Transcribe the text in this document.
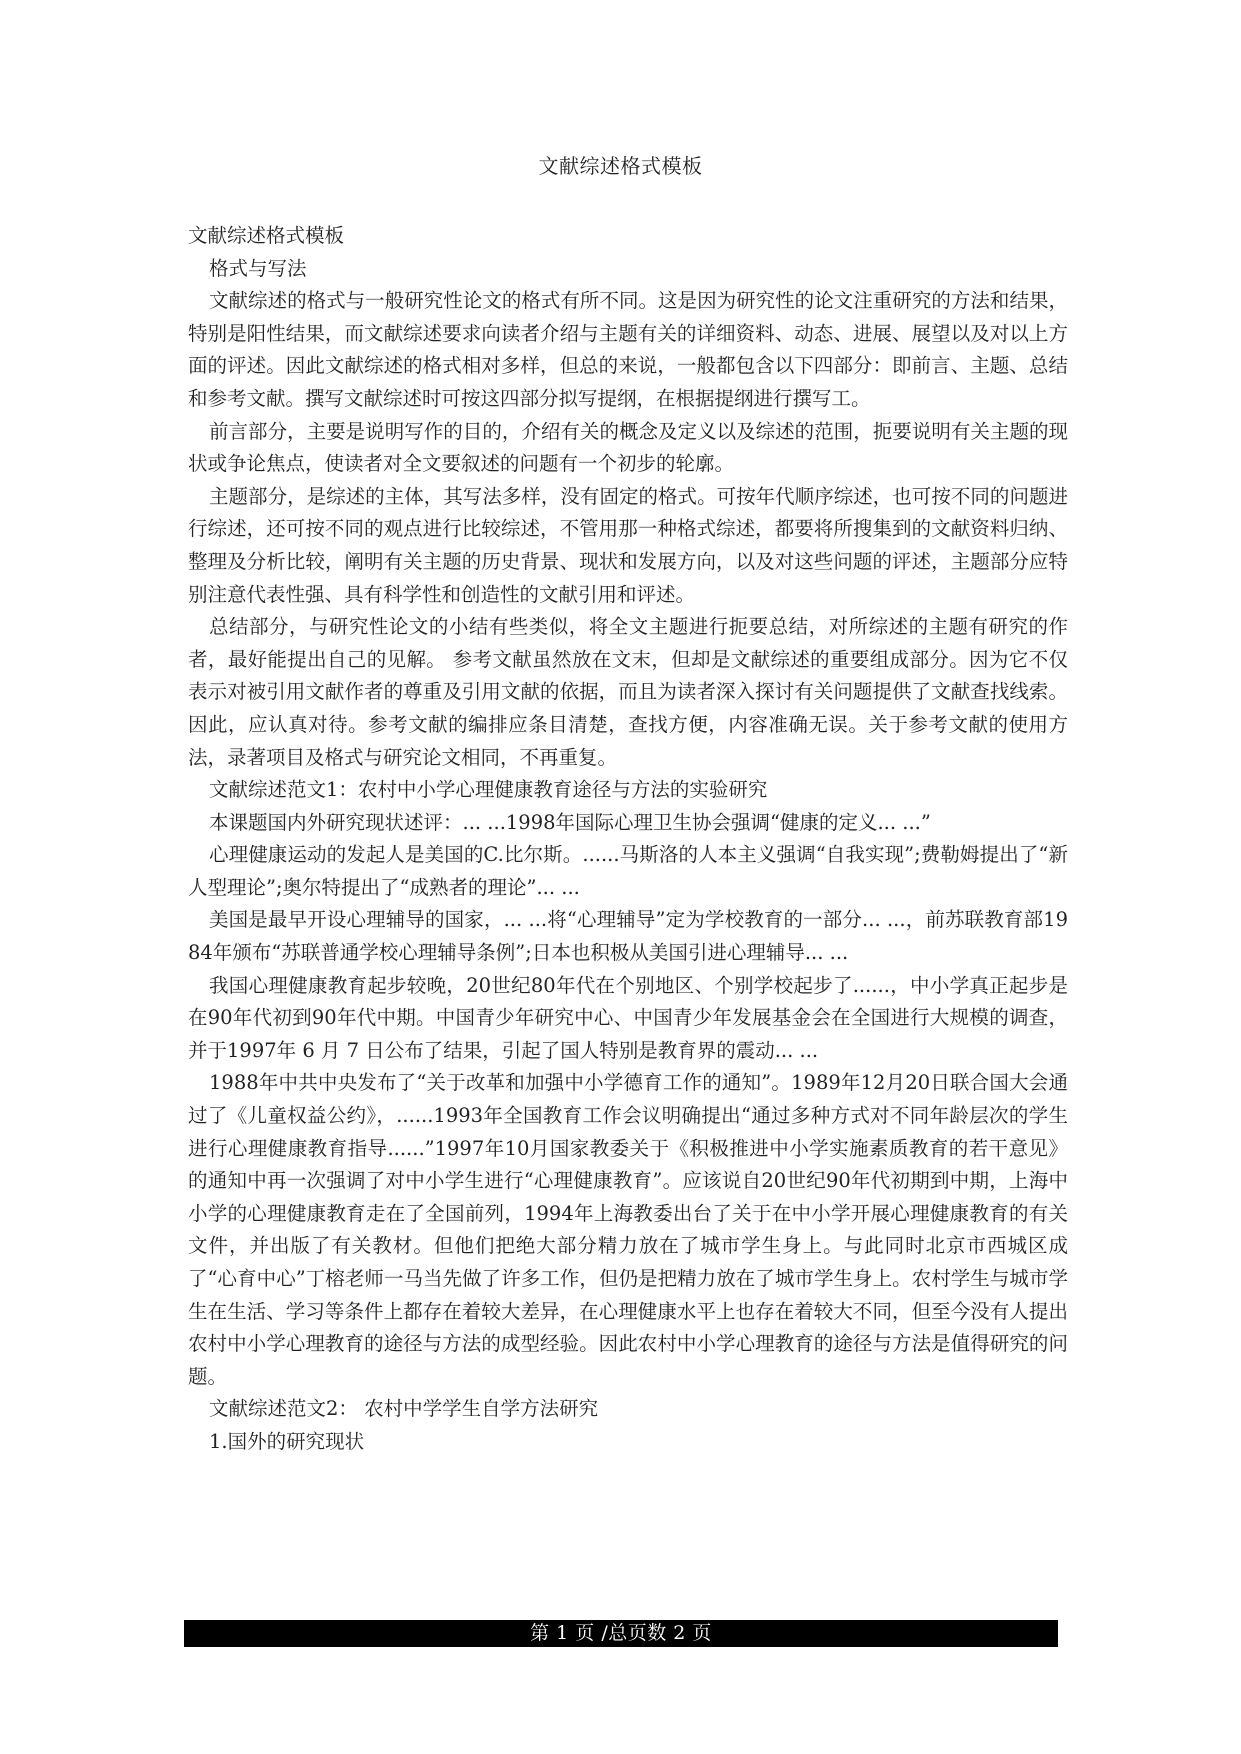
文献综述格式模板

文献综述格式模板

格式与写法

文献综述的格式与一般研究性论文的格式有所不同。这是因为研究性的论文注重研究的方法和结果，特别是阳性结果，而文献综述要求向读者介绍与主题有关的详细资料、动态、进展、展望以及对以上方面的评述。因此文献综述的格式相对多样，但总的来说，一般都包含以下四部分：即前言、主题、总结和参考文献。撰写文献综述时可按这四部分拟写提纲，在根据提纲进行撰写工。

前言部分，主要是说明写作的目的，介绍有关的概念及定义以及综述的范围，扼要说明有关主题的现状或争论焦点，使读者对全文要叙述的问题有一个初步的轮廓。

主题部分，是综述的主体，其写法多样，没有固定的格式。可按年代顺序综述，也可按不同的问题进行综述，还可按不同的观点进行比较综述，不管用那一种格式综述，都要将所搜集到的文献资料归纳、整理及分析比较，阐明有关主题的历史背景、现状和发展方向，以及对这些问题的评述，主题部分应特别注意代表性强、具有科学性和创造性的文献引用和评述。

总结部分，与研究性论文的小结有些类似，将全文主题进行扼要总结，对所综述的主题有研究的作者，最好能提出自己的见解。 参考文献虽然放在文末，但却是文献综述的重要组成部分。因为它不仅表示对被引用文献作者的尊重及引用文献的依据，而且为读者深入探讨有关问题提供了文献查找线索。因此，应认真对待。参考文献的编排应条目清楚，查找方便，内容准确无误。关于参考文献的使用方法，录著项目及格式与研究论文相同，不再重复。

文献综述范文1：农村中小学心理健康教育途径与方法的实验研究

本课题国内外研究现状述评：... ...1998年国际心理卫生协会强调“健康的定义... ...”

心理健康运动的发起人是美国的C.比尔斯。......马斯洛的人本主义强调“自我实现”;费勒姆提出了“新人型理论”;奥尔特提出了“成熟者的理论”... ...

美国是最早开设心理辅导的国家，... ...将“心理辅导”定为学校教育的一部分... ...，前苏联教育部1984年颁布“苏联普通学校心理辅导条例”;日本也积极从美国引进心理辅导... ...

我国心理健康教育起步较晚，20世纪80年代在个别地区、个别学校起步了......，中小学真正起步是在90年代初到90年代中期。中国青少年研究中心、中国青少年发展基金会在全国进行大规模的调查，并于1997年 6 月 7 日公布了结果，引起了国人特别是教育界的震动... ...

1988年中共中央发布了“关于改革和加强中小学德育工作的通知”。1989年12月20日联合国大会通过了《儿童权益公约》，......1993年全国教育工作会议明确提出“通过多种方式对不同年龄层次的学生进行心理健康教育指导......”1997年10月国家教委关于《积极推进中小学实施素质教育的若干意见》的通知中再一次强调了对中小学生进行“心理健康教育”。应该说自20世纪90年代初期到中期，上海中小学的心理健康教育走在了全国前列，1994年上海教委出台了关于在中小学开展心理健康教育的有关文件，并出版了有关教材。但他们把绝大部分精力放在了城市学生身上。与此同时北京市西城区成了“心育中心”丁榕老师一马当先做了许多工作，但仍是把精力放在了城市学生身上。农村学生与城市学生在生活、学习等条件上都存在着较大差异，在心理健康水平上也存在着较大不同，但至今没有人提出农村中小学心理教育的途径与方法的成型经验。因此农村中小学心理教育的途径与方法是值得研究的问题。

文献综述范文2： 农村中学学生自学方法研究

1.国外的研究现状

第 1 页 /总页数 2 页
